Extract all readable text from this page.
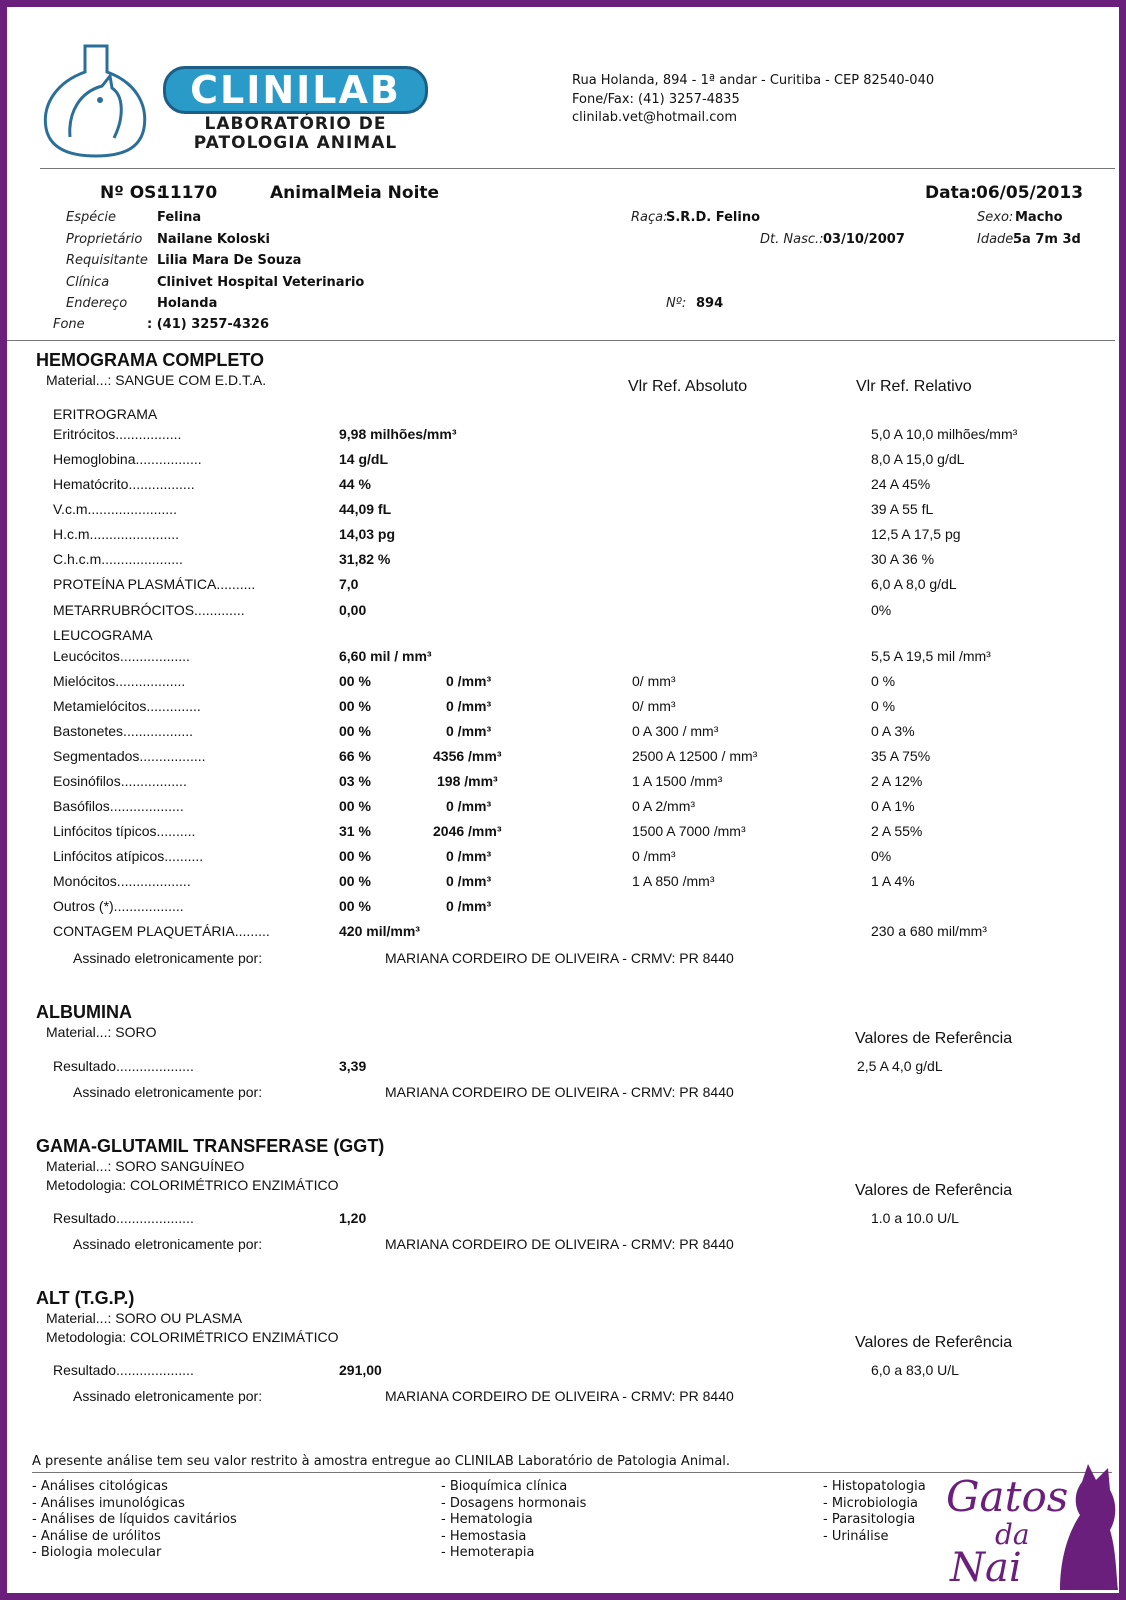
CLINILAB
LABORATÓRIO DE
PATOLOGIA ANIMAL
Rua Holanda, 894 - 1ª andar - Curitiba - CEP 82540-040
Fone/Fax: (41) 3257-4835
clinilab.vet@hotmail.com
Nº OS:
11170	Animal:
Meia Noite	Data: 06/05/2013
Espécie	Felina	Raça:
S.R.D. Felino	Sexo: Macho
Proprietário Nailane Koloski	Dt. Nasc.: 03/10/2007	Idade:
5a 7m 3d
Requisitante Lilia Mara De Souza
Clínica	Clinivet Hospital Veterinario
Endereço Holanda	Nº: 894
Fone	: (41) 3257-4326
HEMOGRAMA COMPLETO
Material...: SANGUE COM E.D.T.A.	Vlr Ref. Absoluto	Vlr Ref. Relativo
ERITROGRAMA
Eritrócitos.................	9,98 milhões/mm³	5,0 A 10,0 milhões/mm³
Hemoglobina.................	14 g/dL	8,0 A 15,0 g/dL
Hematócrito.................	44 %	24 A 45%
V.c.m.......................	44,09 fL	39 A 55 fL
H.c.m.......................	14,03 pg	12,5 A 17,5 pg
C.h.c.m.....................	31,82 %	30 A 36 %
PROTEÍNA PLASMÁTICA..........	7,0	6,0 A 8,0 g/dL
METARRUBRÓCITOS.............	0,00	0%
LEUCOGRAMA
Leucócitos..................	6,60 mil / mm³	5,5 A 19,5 mil /mm³
Mielócitos..................	00 %	0 /mm³	0/ mm³	0 %
Metamielócitos..............	00 %	0 /mm³	0/ mm³	0 %
Bastonetes..................	00 %	0 /mm³	0 A 300 / mm³	0 A 3%
Segmentados.................	66 %	4356 /mm³	2500 A 12500 / mm³	35 A 75%
Eosinófilos.................	03 %	198 /mm³	1 A 1500 /mm³	2 A 12%
Basófilos...................	00 %	0 /mm³	0 A 2/mm³	0 A 1%
Linfócitos típicos..........	31 %	2046 /mm³	1500 A 7000 /mm³	2 A 55%
Linfócitos atípicos..........	00 %	0 /mm³	0 /mm³	0%
Monócitos...................	00 %	0 /mm³	1 A 850 /mm³	1 A 4%
Outros (*)..................	00 %	0 /mm³
CONTAGEM PLAQUETÁRIA.........	420 mil/mm³	230 a 680 mil/mm³
Assinado eletronicamente por:	MARIANA CORDEIRO DE OLIVEIRA - CRMV: PR 8440
ALBUMINA
Material...: SORO	Valores de Referência
Resultado....................	3,39	2,5 A 4,0 g/dL
Assinado eletronicamente por:	MARIANA CORDEIRO DE OLIVEIRA - CRMV: PR 8440
GAMA-GLUTAMIL TRANSFERASE (GGT)
Material...: SORO SANGUÍNEO
Metodologia: COLORIMÉTRICO ENZIMÁTICO	Valores de Referência
Resultado....................	1,20	1.0 a 10.0 U/L
Assinado eletronicamente por:	MARIANA CORDEIRO DE OLIVEIRA - CRMV: PR 8440
ALT (T.G.P.)
Material...: SORO OU PLASMA
Metodologia: COLORIMÉTRICO ENZIMÁTICO	Valores de Referência
Resultado....................	291,00	6,0 a 83,0 U/L
Assinado eletronicamente por:	MARIANA CORDEIRO DE OLIVEIRA - CRMV: PR 8440
A presente análise tem seu valor restrito à amostra entregue ao CLINILAB Laboratório de Patologia Animal.
- Análises citológicas
- Análises imunológicas
- Análises de líquidos cavitários
- Análise de urólitos
- Biologia molecular
- Bioquímica clínica
- Dosagens hormonais
- Hematologia
- Hemostasia
- Hemoterapia
- Histopatologia
- Microbiologia
- Parasitologia
- Urinálise
Gatos
da
Nai
